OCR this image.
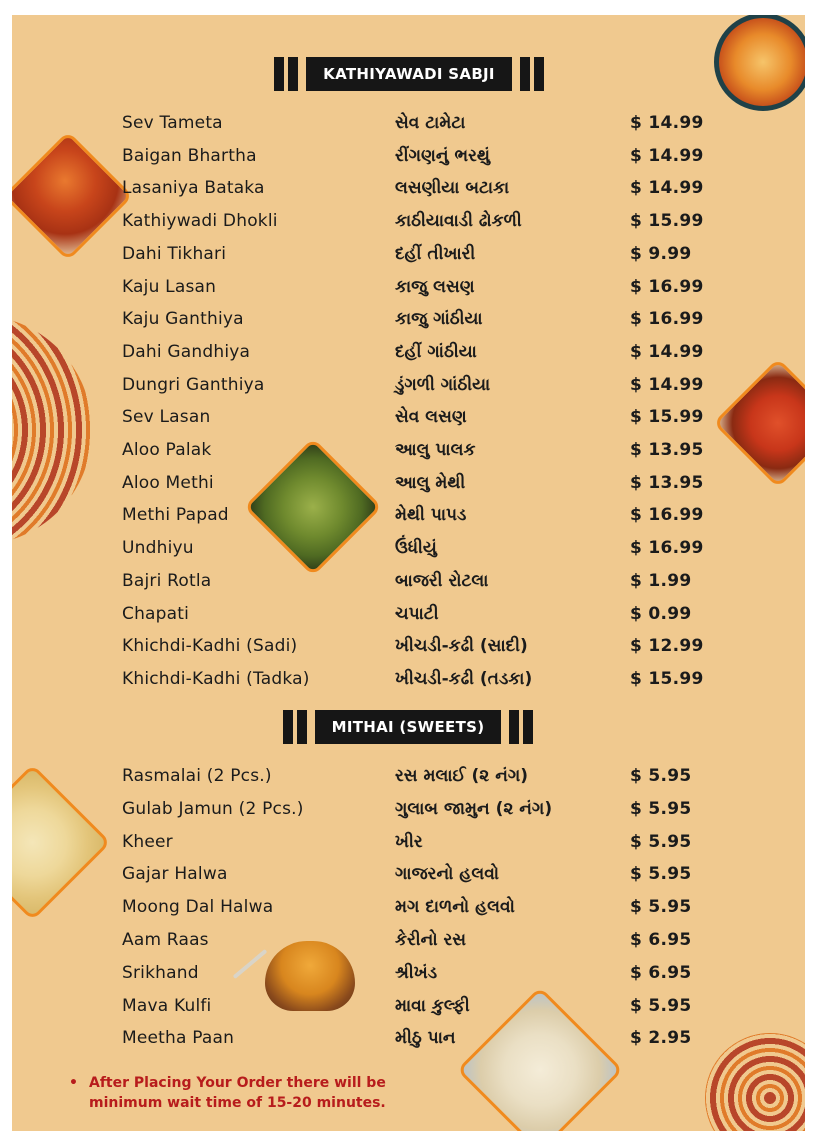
KATHIYAWADI SABJI
Sev Tameta	સેવ ટામેટા	$ 14.99
Baigan Bhartha	રીંગણનું ભરથું	$ 14.99
Lasaniya Bataka	લસણીયા બટાકા	$ 14.99
Kathiywadi Dhokli	કાઠીયાવાડી ઢોકળી	$ 15.99
Dahi Tikhari	દહીં તીખારી	$ 9.99
Kaju Lasan	કાજુ લસણ	$ 16.99
Kaju Ganthiya	કાજુ ગાંઠીયા	$ 16.99
Dahi Gandhiya	દહીં ગાંઠીયા	$ 14.99
Dungri Ganthiya	ડુંગળી ગાંઠીયા	$ 14.99
Sev Lasan	સેવ લસણ	$ 15.99
Aloo Palak	આલુ પાલક	$ 13.95
Aloo Methi	આલુ મેથી	$ 13.95
Methi Papad	મેથી પાપડ	$ 16.99
Undhiyu	ઉંધીયું	$ 16.99
Bajri Rotla	બાજરી રોટલા	$ 1.99
Chapati	ચપાટી	$ 0.99
Khichdi-Kadhi (Sadi)	ખીચડી-કઢી (સાદી)	$ 12.99
Khichdi-Kadhi (Tadka)	ખીચડી-કઢી (તડકા)	$ 15.99
MITHAI (SWEETS)
Rasmalai (2 Pcs.)	રસ મલાઈ (૨ નંગ)	$ 5.95
Gulab Jamun (2 Pcs.)	ગુલાબ જામુન (૨ નંગ)	$ 5.95
Kheer	ખીર	$ 5.95
Gajar Halwa	ગાજરનો હલવો	$ 5.95
Moong Dal Halwa	મગ દાળનો હલવો	$ 5.95
Aam Raas	કેરીનો રસ	$ 6.95
Srikhand	શ્રીખંડ	$ 6.95
Mava Kulfi	માવા કુલ્ફી	$ 5.95
Meetha Paan	મીઠુ પાન	$ 2.95
• After Placing Your Order there will be minimum wait time of 15-20 minutes.
